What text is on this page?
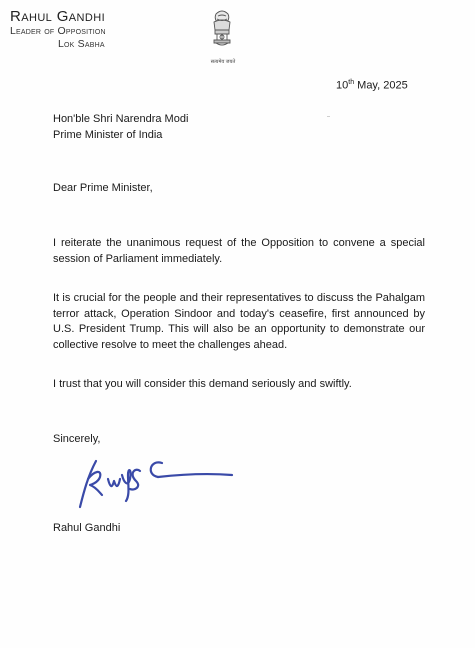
Rahul Gandhi
Leader of Opposition
Lok Sabha
सत्यमेव जयते
10th May, 2025
Hon'ble Shri Narendra Modi
Prime Minister of India
Dear Prime Minister,

I reiterate the unanimous request of the Opposition to convene a special session of Parliament immediately.

It is crucial for the people and their representatives to discuss the Pahalgam terror attack, Operation Sindoor and today's ceasefire, first announced by U.S. President Trump. This will also be an opportunity to demonstrate our collective resolve to meet the challenges ahead.

I trust that you will consider this demand seriously and swiftly.

Sincerely,
Rahul Gandhi
